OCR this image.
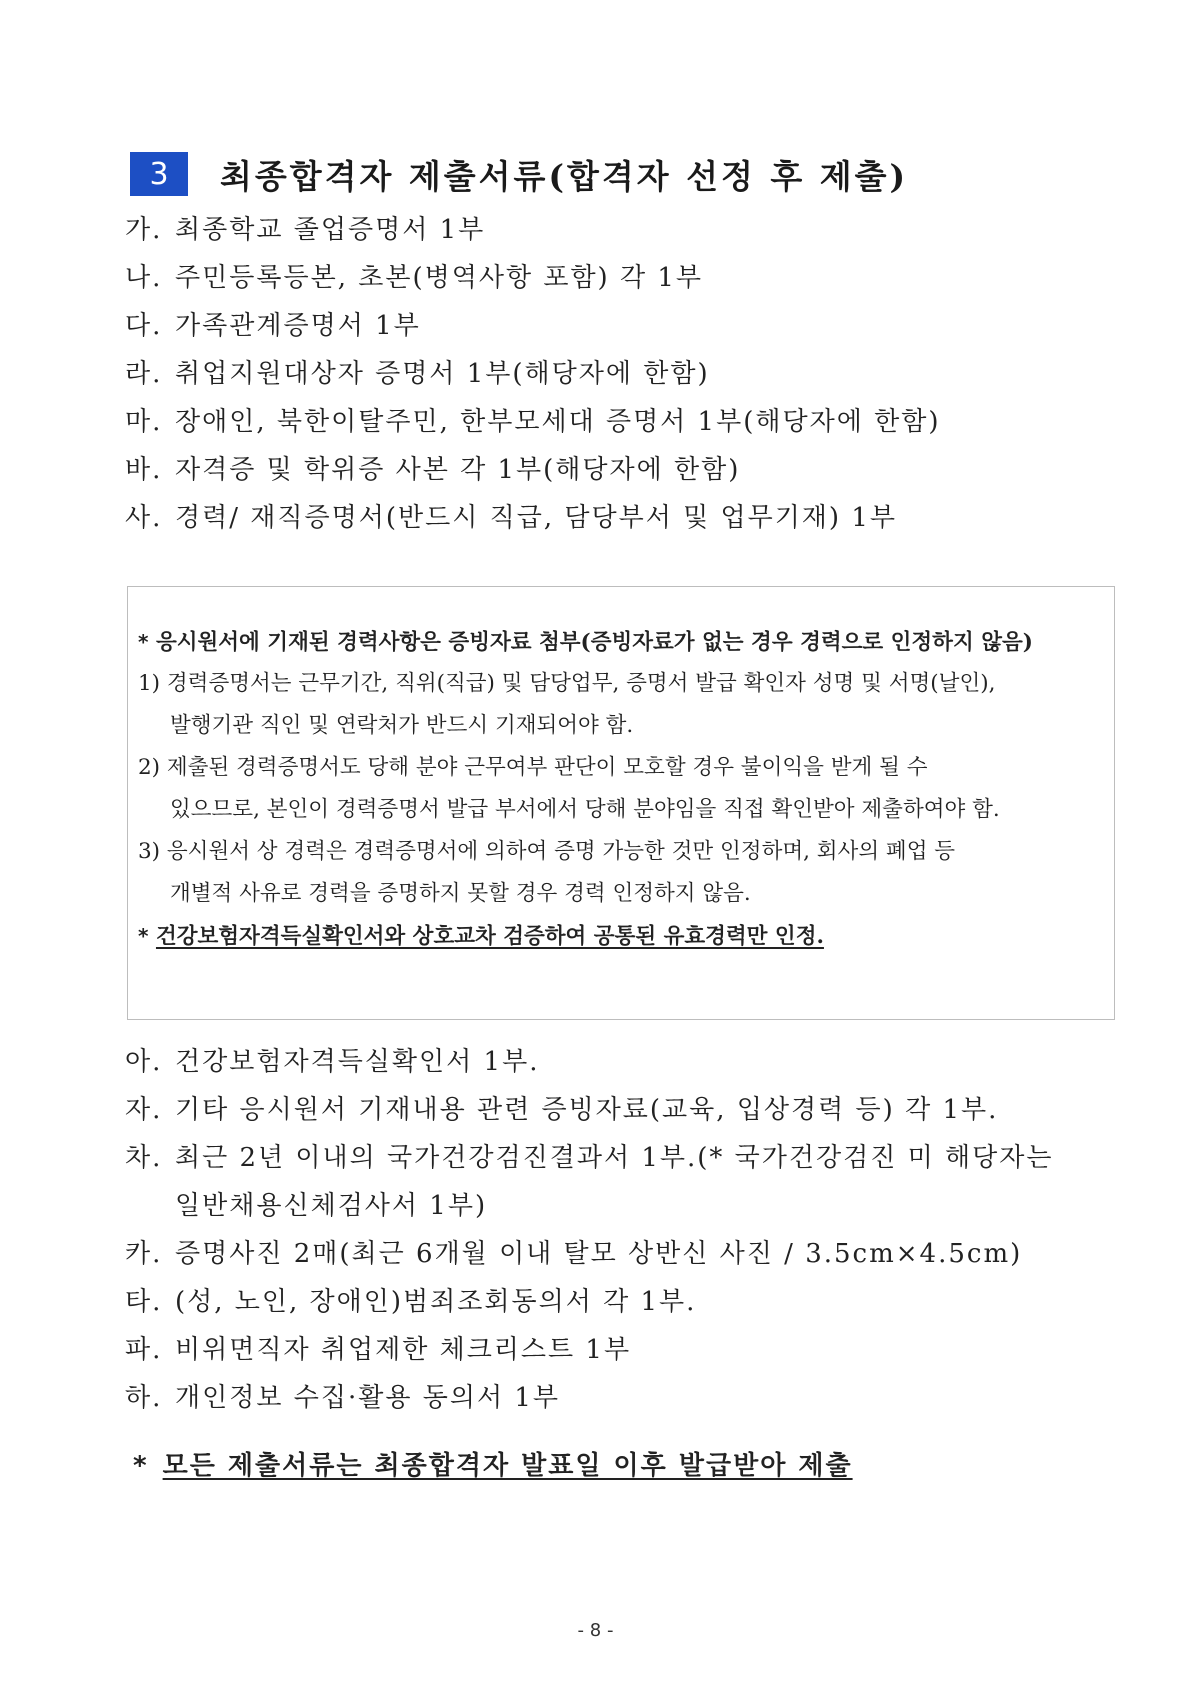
3	최종합격자 제출서류(합격자 선정 후 제출)
가. 최종학교 졸업증명서 1부
나. 주민등록등본, 초본(병역사항 포함) 각 1부
다. 가족관계증명서 1부
라. 취업지원대상자 증명서 1부(해당자에 한함)
마. 장애인, 북한이탈주민, 한부모세대 증명서 1부(해당자에 한함)
바. 자격증 및 학위증 사본 각 1부(해당자에 한함)
사. 경력/ 재직증명서(반드시 직급, 담당부서 및 업무기재) 1부
* 응시원서에 기재된 경력사항은 증빙자료 첨부(증빙자료가 없는 경우 경력으로 인정하지 않음)
1) 경력증명서는 근무기간, 직위(직급) 및 담당업무, 증명서 발급 확인자 성명 및 서명(날인),
발행기관 직인 및 연락처가 반드시 기재되어야 함.
2) 제출된 경력증명서도 당해 분야 근무여부 판단이 모호할 경우 불이익을 받게 될 수
있으므로, 본인이 경력증명서 발급 부서에서 당해 분야임을 직접 확인받아 제출하여야 함.
3) 응시원서 상 경력은 경력증명서에 의하여 증명 가능한 것만 인정하며, 회사의 폐업 등
개별적 사유로 경력을 증명하지 못할 경우 경력 인정하지 않음.
* 건강보험자격득실확인서와 상호교차 검증하여 공통된 유효경력만 인정.
아. 건강보험자격득실확인서 1부.
자. 기타 응시원서 기재내용 관련 증빙자료(교육, 입상경력 등) 각 1부.
차. 최근 2년 이내의 국가건강검진결과서 1부.(* 국가건강검진 미 해당자는
일반채용신체검사서 1부)
카. 증명사진 2매(최근 6개월 이내 탈모 상반신 사진 / 3.5cm×4.5cm)
타. (성, 노인, 장애인)범죄조회동의서 각 1부.
파. 비위면직자 취업제한 체크리스트 1부
하. 개인정보 수집·활용 동의서 1부
* 모든 제출서류는 최종합격자 발표일 이후 발급받아 제출
- 8 -
